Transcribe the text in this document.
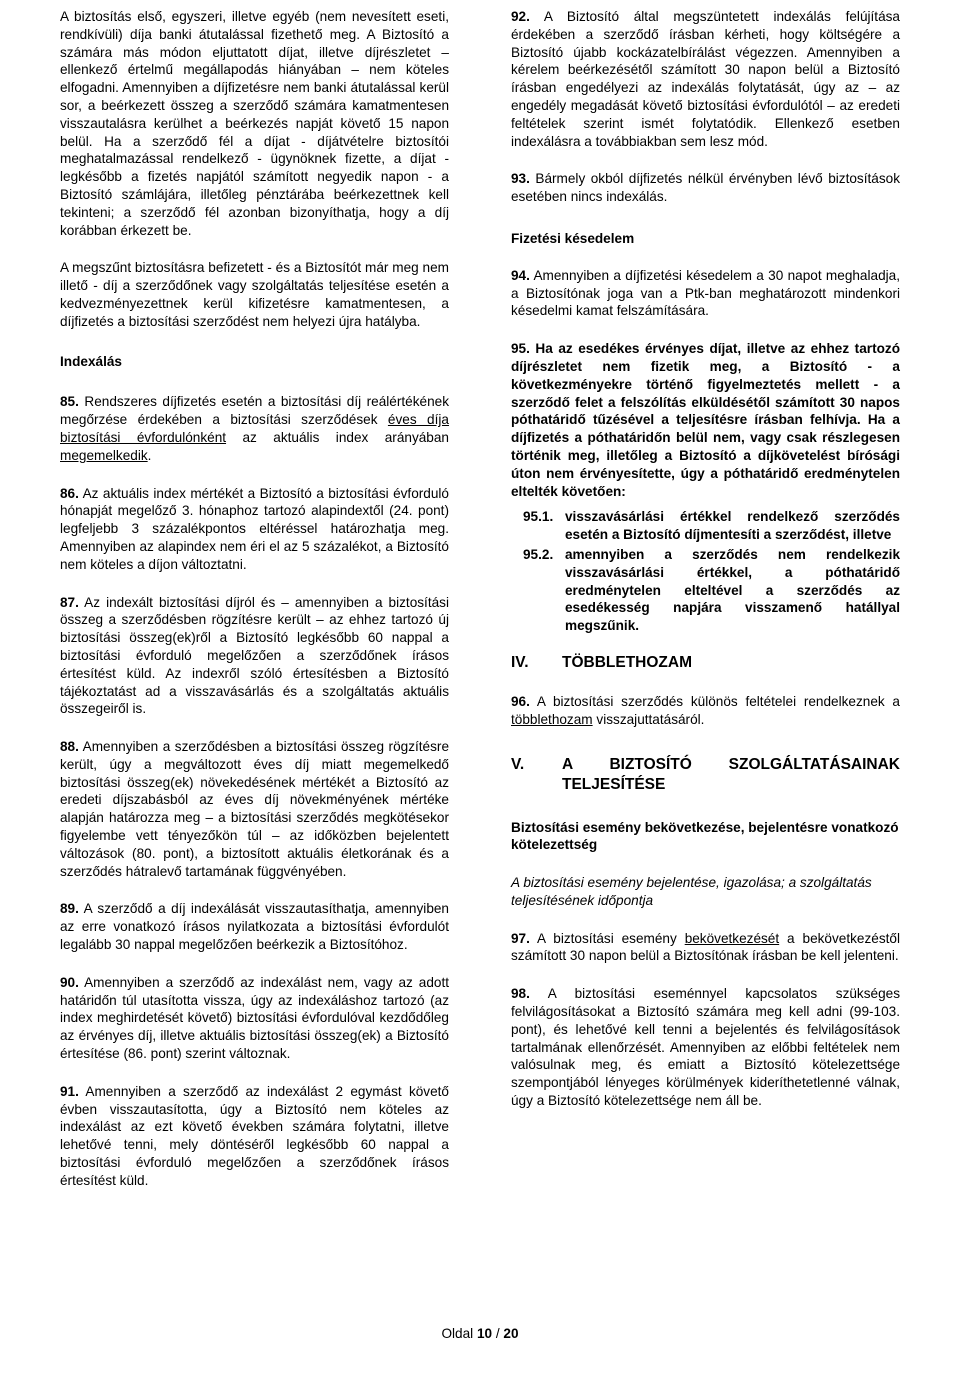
A biztosítás első, egyszeri, illetve egyéb (nem nevesített eseti, rendkívüli) díja banki átutalással fizethető meg. A Biztosító a számára más módon eljuttatott díjat, illetve díjrészletet – ellenkező értelmű megállapodás hiányában – nem köteles elfogadni. Amennyiben a díjfizetésre nem banki átutalással kerül sor, a beérkezett összeg a szerződő számára kamatmentesen visszautalásra kerülhet a beérkezés napját követő 15 napon belül. Ha a szerződő fél a díjat - díjátvételre biztosítói meghatalmazással rendelkező - ügynöknek fizette, a díjat - legkésőbb a fizetés napjától számított negyedik napon - a Biztosító számlájára, illetőleg pénztárába beérkezettnek kell tekinteni; a szerződő fél azonban bizonyíthatja, hogy a díj korábban érkezett be.

A megszűnt biztosításra befizetett - és a Biztosítót már meg nem illető - díj a szerződőnek vagy szolgáltatás teljesítése esetén a kedvezményezettnek kerül kifizetésre kamatmentesen, a díjfizetés a biztosítási szerződést nem helyezi újra hatályba.

Indexálás

85. Rendszeres díjfizetés esetén a biztosítási díj reálértékének megőrzése érdekében a biztosítási szerződések éves díja biztosítási évfordulónként az aktuális index arányában megemelkedik.

86. Az aktuális index mértékét a Biztosító a biztosítási évforduló hónapját megelőző 3. hónaphoz tartozó alapindextől (24. pont) legfeljebb 3 százalékpontos eltéréssel határozhatja meg. Amennyiben az alapindex nem éri el az 5 százalékot, a Biztosító nem köteles a díjon változtatni.

87. Az indexált biztosítási díjról és – amennyiben a biztosítási összeg a szerződésben rögzítésre került – az ehhez tartozó új biztosítási összeg(ek)ről a Biztosító legkésőbb 60 nappal a biztosítási évforduló megelőzően a szerződőnek írásos értesítést küld. Az indexről szóló értesítésben a Biztosító tájékoztatást ad a visszavásárlás és a szolgáltatás aktuális összegeiről is.

88. Amennyiben a szerződésben a biztosítási összeg rögzítésre került, úgy a megváltozott éves díj miatt megemelkedő biztosítási összeg(ek) növekedésének mértékét a Biztosító az eredeti díjszabásból az éves díj növekményének mértéke alapján határozza meg – a biztosítási szerződés megkötésekor figyelembe vett tényezőkön túl – az időközben bejelentett változások (80. pont), a biztosított aktuális életkorának és a szerződés hátralevő tartamának függvényében.

89. A szerződő a díj indexálását visszautasíthatja, amennyiben az erre vonatkozó írásos nyilatkozata a biztosítási évfordulót legalább 30 nappal megelőzően beérkezik a Biztosítóhoz.

90. Amennyiben a szerződő az indexálást nem, vagy az adott határidőn túl utasította vissza, úgy az indexáláshoz tartozó (az index meghirdetését követő) biztosítási évfordulóval kezdődőleg az érvényes díj, illetve aktuális biztosítási összeg(ek) a Biztosító értesítése (86. pont) szerint változnak.

91. Amennyiben a szerződő az indexálást 2 egymást követő évben visszautasította, úgy a Biztosító nem köteles az indexálást az ezt követő években számára folytatni, illetve lehetővé tenni, mely döntéséről legkésőbb 60 nappal a biztosítási évforduló megelőzően a szerződőnek írásos értesítést küld.

92. A Biztosító által megszüntetett indexálás felújítása érdekében a szerződő írásban kérheti, hogy költségére a Biztosító újabb kockázatelbírálást végezzen. Amennyiben a kérelem beérkezésétől számított 30 napon belül a Biztosító írásban engedélyezi az indexálás folytatását, úgy az – az engedély megadását követő biztosítási évfordulótól – az eredeti feltételek szerint ismét folytatódik. Ellenkező esetben indexálásra a továbbiakban sem lesz mód.

93. Bármely okból díjfizetés nélkül érvényben lévő biztosítások esetében nincs indexálás.

Fizetési késedelem

94. Amennyiben a díjfizetési késedelem a 30 napot meghaladja, a Biztosítónak joga van a Ptk-ban meghatározott mindenkori késedelmi kamat felszámítására.

95. Ha az esedékes érvényes díjat, illetve az ehhez tartozó díjrészletet nem fizetik meg, a Biztosító - a következményekre történő figyelmeztetés mellett - a szerződő felet a felszólítás elküldésétől számított 30 napos póthatáridő tűzésével a teljesítésre írásban felhívja. Ha a díjfizetés a póthatáridőn belül nem, vagy csak részlegesen történik meg, illetőleg a Biztosító a díjkövetelést bírósági úton nem érvényesítette, úgy a póthatáridő eredménytelen eltelték követően:

95.1. visszavásárlási értékkel rendelkező szerződés esetén a Biztosító díjmentesíti a szerződést, illetve
95.2. amennyiben a szerződés nem rendelkezik visszavásárlási értékkel, a póthatáridő eredménytelen elteltével a szerződés az esedékesség napjára visszamenő hatállyal megszűnik.
IV.	TÖBBLETHOZAM

96. A biztosítási szerződés különös feltételei rendelkeznek a többlethozam visszajuttatásáról.

V.	A BIZTOSÍTÓ SZOLGÁLTATÁSAINAK TELJESÍTÉSE

Biztosítási esemény bekövetkezése, bejelentésre vonatkozó kötelezettség

A biztosítási esemény bejelentése, igazolása; a szolgáltatás teljesítésének időpontja

97. A biztosítási esemény bekövetkezését a bekövetkezéstől számított 30 napon belül a Biztosítónak írásban be kell jelenteni.

98. A biztosítási eseménnyel kapcsolatos szükséges felvilágosításokat a Biztosító számára meg kell adni (99-103. pont), és lehetővé kell tenni a bejelentés és felvilágosítások tartalmának ellenőrzését. Amennyiben az előbbi feltételek nem valósulnak meg, és emiatt a Biztosító kötelezettsége szempontjából lényeges körülmények kideríthetetlenné válnak, úgy a Biztosító kötelezettsége nem áll be.

Oldal 10 / 20
